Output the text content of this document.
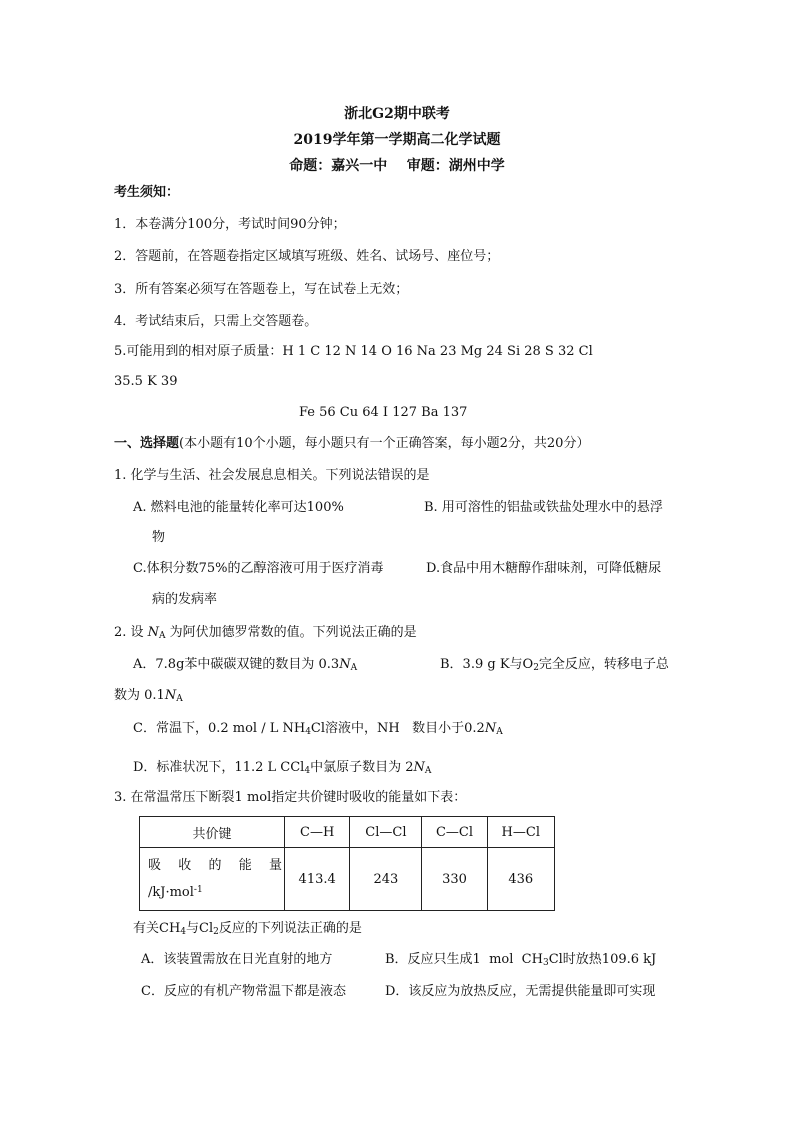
浙北G2期中联考
2019学年第一学期高二化学试题
命题：嘉兴一中    审题：湖州中学
考生须知：
1．本卷满分100分，考试时间90分钟；
2．答题前，在答题卷指定区域填写班级、姓名、试场号、座位号；
3．所有答案必须写在答题卷上，写在试卷上无效；
4．考试结束后，只需上交答题卷。
5.可能用到的相对原子质量：H 1 C 12 N 14 O 16 Na 23 Mg 24 Si 28 S 32 Cl
35.5 K 39
Fe 56 Cu 64 I 127 Ba 137
一、选择题(本小题有10个小题，每小题只有一个正确答案，每小题2分，共20分）
1. 化学与生活、社会发展息息相关。下列说法错误的是
A. 燃料电池的能量转化率可达100%	B. 用可溶性的铝盐或铁盐处理水中的悬浮
物
C.体积分数75%的乙醇溶液可用于医疗消毒	D.食品中用木糖醇作甜味剂，可降低糖尿
病的发病率
2. 设 $N_A$ 为阿伏加德罗常数的值。下列说法正确的是
A．7.8g苯中碳碳双键的数目为 $0.3N_A$	B．3.9 g K与$O_2$完全反应，转移电子总
数为 $0.1N_A$
C．常温下，0.2 mol / L $NH_4Cl$溶液中，NH   数目小于$0.2N_A$
D．标准状况下，11.2 L CCl$_4$中氯原子数目为 $2N_A$
3. 在常温常压下断裂1 mol指定共价键时吸收的能量如下表：
共价键	C—H	Cl—Cl	C—Cl	H—Cl
吸收的能量
/kJ·mol$^{-1}$	413.4	243	330	436
有关$CH_4$与$Cl_2$反应的下列说法正确的是
A．该装置需放在日光直射的地方	B．反应只生成1  mol  $CH_3Cl$时放热109.6 kJ
C．反应的有机产物常温下都是液态	D．该反应为放热反应，无需提供能量即可实现
